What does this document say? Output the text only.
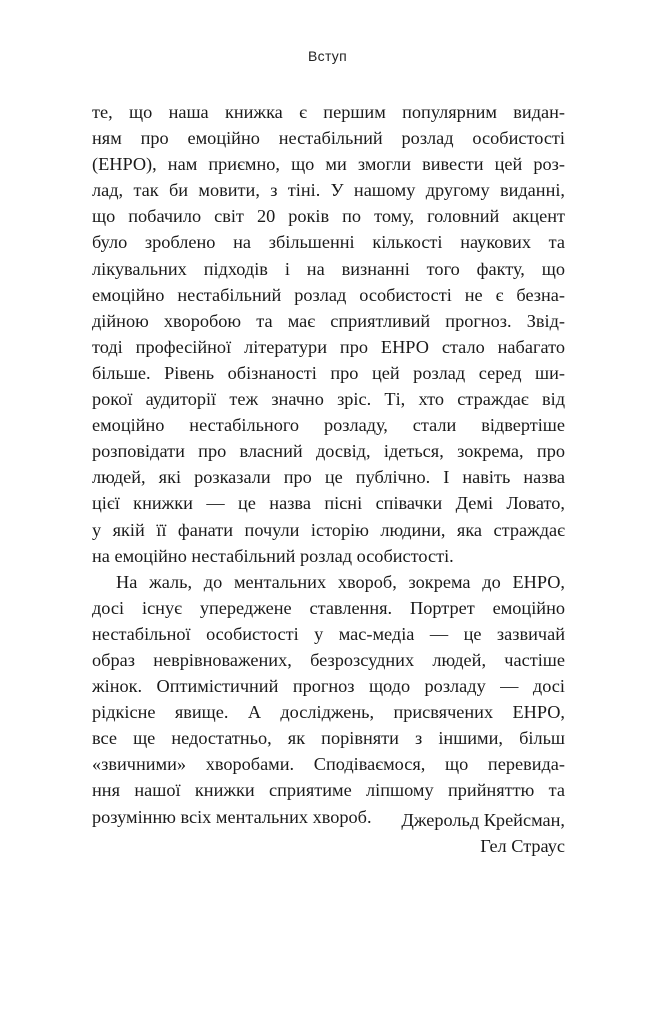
Вступ
те, що наша книжка є першим популярним видан-
ням про емоційно нестабільний розлад особистості
(ЕНРО), нам приємно, що ми змогли вивести цей роз-
лад, так би мовити, з тіні. У нашому другому виданні,
що побачило світ 20 років по тому, головний акцент
було зроблено на збільшенні кількості наукових та
лікувальних підходів і на визнанні того факту, що
емоційно нестабільний розлад особистості не є безна-
дійною хворобою та має сприятливий прогноз. Звід-
тоді професійної літератури про ЕНРО стало набагато
більше. Рівень обізнаності про цей розлад серед ши-
рокої аудиторії теж значно зріс. Ті, хто страждає від
емоційно нестабільного розладу, стали відвертіше
розповідати про власний досвід, ідеться, зокрема, про
людей, які розказали про це публічно. І навіть назва
цієї книжки — це назва пісні співачки Демі Ловато,
у якій її фанати почули історію людини, яка страждає
на емоційно нестабільний розлад особистості.
На жаль, до ментальних хвороб, зокрема до ЕНРО,
досі існує упереджене ставлення. Портрет емоційно
нестабільної особистості у мас-медіа — це зазвичай
образ неврівноважених, безрозсудних людей, частіше
жінок. Оптимістичний прогноз щодо розладу — досі
рідкісне явище. А досліджень, присвячених ЕНРО,
все ще недостатньо, як порівняти з іншими, більш
«звичними» хворобами. Сподіваємося, що перевида-
ння нашої книжки сприятиме ліпшому прийняттю та
розумінню всіх ментальних хвороб.	Джерольд Крейсман,
Гел Страус
